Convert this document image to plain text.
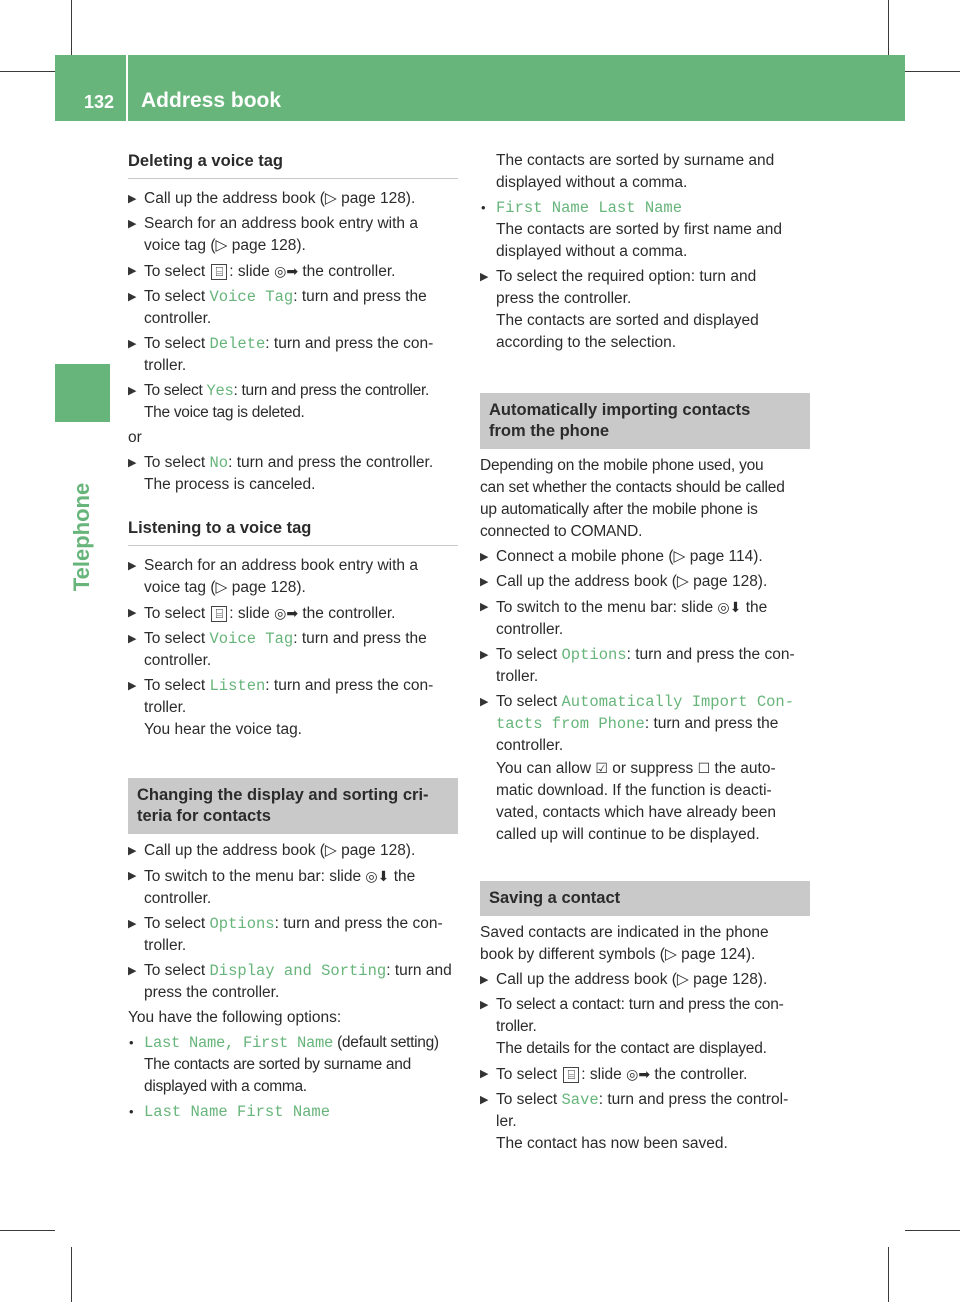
132 Address book
Telephone

Deleting a voice tag

▶ Call up the address book (▷ page 128).

▶ Search for an address book entry with a
voice tag (▷ page 128).

▶ To select ⌸ : slide ◎➡ the controller.

▶ To select Voice Tag: turn and press the
controller.

▶ To select Delete: turn and press the con-
troller.

▶ To select Yes: turn and press the controller.
The voice tag is deleted.

or

▶ To select No: turn and press the controller.
The process is canceled.

Listening to a voice tag

▶ Search for an address book entry with a
voice tag (▷ page 128).

▶ To select ⌸ : slide ◎➡ the controller.

▶ To select Voice Tag: turn and press the
controller.

▶ To select Listen: turn and press the con-
troller.
You hear the voice tag.

Changing the display and sorting cri-
teria for contacts

▶ Call up the address book (▷ page 128).

▶ To switch to the menu bar: slide ◎⬇ the
controller.

▶ To select Options: turn and press the con-
troller.

▶ To select Display and Sorting: turn and
press the controller.

You have the following options:

• Last Name, First Name (default setting)
The contacts are sorted by surname and
displayed with a comma.

• Last Name First Name

The contacts are sorted by surname and
displayed without a comma.

• First Name Last Name
The contacts are sorted by first name and
displayed without a comma.

▶ To select the required option: turn and
press the controller.
The contacts are sorted and displayed
according to the selection.

Automatically importing contacts
from the phone

Depending on the mobile phone used, you
can set whether the contacts should be called
up automatically after the mobile phone is
connected to COMAND.

▶ Connect a mobile phone (▷ page 114).

▶ Call up the address book (▷ page 128).

▶ To switch to the menu bar: slide ◎⬇ the
controller.

▶ To select Options: turn and press the con-
troller.

▶ To select Automatically Import Con‐
tacts from Phone: turn and press the
controller.
You can allow ☑ or suppress ☐ the auto-
matic download. If the function is deacti-
vated, contacts which have already been
called up will continue to be displayed.

Saving a contact

Saved contacts are indicated in the phone
book by different symbols (▷ page 124).

▶ Call up the address book (▷ page 128).

▶ To select a contact: turn and press the con-
troller.
The details for the contact are displayed.

▶ To select ⌸ : slide ◎➡ the controller.

▶ To select Save: turn and press the control-
ler.
The contact has now been saved.
